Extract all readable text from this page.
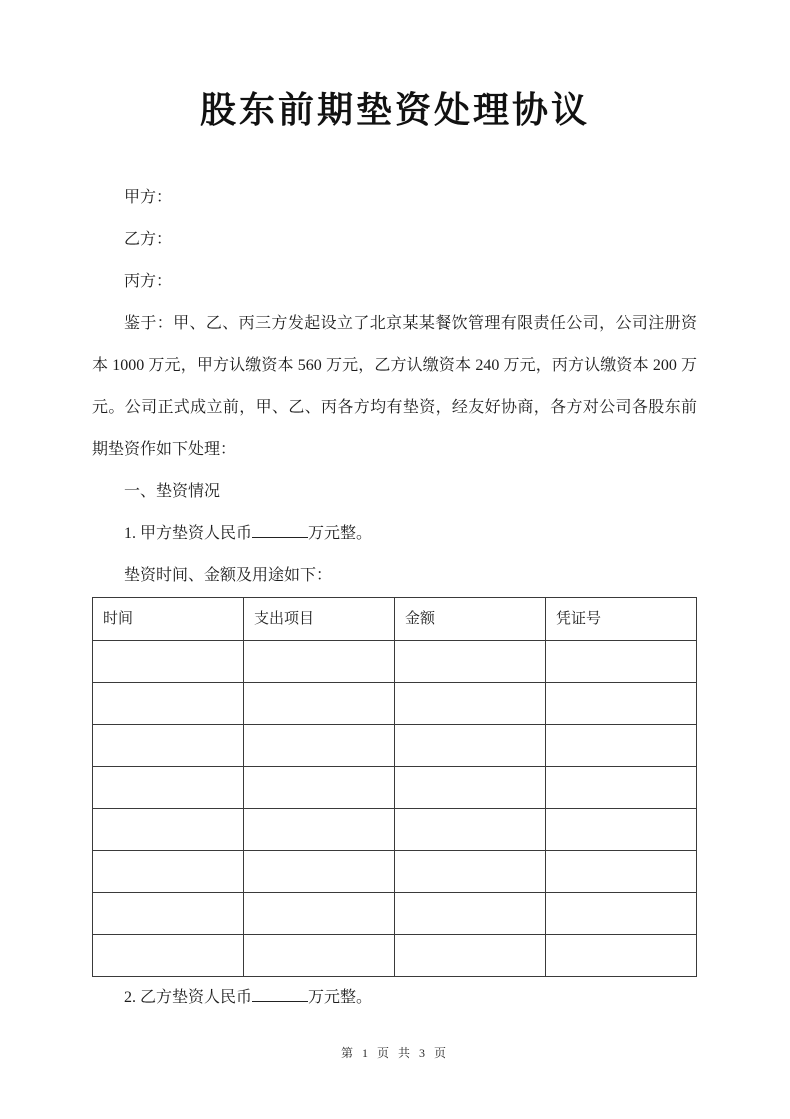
股东前期垫资处理协议
甲方：
乙方：
丙方：
鉴于：甲、乙、丙三方发起设立了北京某某餐饮管理有限责任公司，公司注册资本 1000 万元，甲方认缴资本 560 万元，乙方认缴资本 240 万元，丙方认缴资本 200 万元。公司正式成立前，甲、乙、丙各方均有垫资，经友好协商，各方对公司各股东前期垫资作如下处理：
一、垫资情况
1. 甲方垫资人民币	万元整。
垫资时间、金额及用途如下：
时间	支出项目	金额	凭证号

2. 乙方垫资人民币	万元整。
第 1 页 共 3 页
